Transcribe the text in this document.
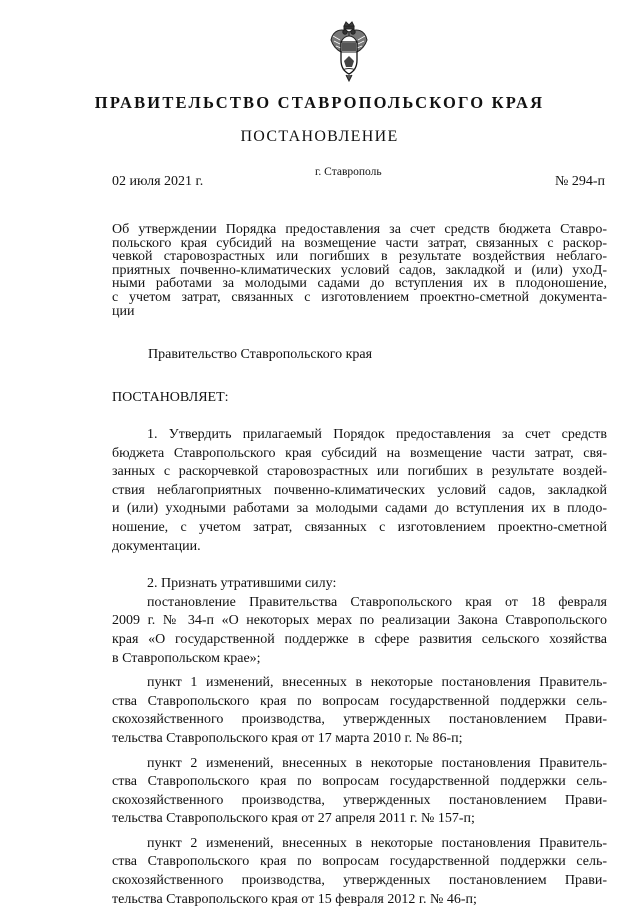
ПРАВИТЕЛЬСТВО СТАВРОПОЛЬСКОГО КРАЯ
ПОСТАНОВЛЕНИЕ
02 июля 2021 г.
г. Ставрополь
№ 294-п
Об утверждении Порядка предоставления за счет средств бюджета Ставро-
польского края субсидий на возмещение части затрат, связанных с раскор-
чевкой старовозрастных или погибших в результате воздействия неблаго-
приятных почвенно-климатических условий садов, закладкой и (или) ухоД-
ными работами за молодыми садами до вступления их в плодоношение,
с учетом затрат, связанных с изготовлением проектно-сметной документа-
ции
Правительство Ставропольского края
ПОСТАНОВЛЯЕТ:
1. Утвердить прилагаемый Порядок предоставления за счет средств
бюджета Ставропольского края субсидий на возмещение части затрат, свя-
занных с раскорчевкой старовозрастных или погибших в результате воздей-
ствия неблагоприятных почвенно-климатических условий садов, закладкой
и (или) уходными работами за молодыми садами до вступления их в плодо-
ношение, с учетом затрат, связанных с изготовлением проектно-сметной
документации.
2. Признать утратившими силу:
постановление Правительства Ставропольского края от 18 февраля
2009 г. № 34-п «О некоторых мерах по реализации Закона Ставропольского
края «О государственной поддержке в сфере развития сельского хозяйства
в Ставропольском крае»;
пункт 1 изменений, внесенных в некоторые постановления Правитель-
ства Ставропольского края по вопросам государственной поддержки сель-
скохозяйственного производства, утвержденных постановлением Прави-
тельства Ставропольского края от 17 марта 2010 г. № 86-п;
пункт 2 изменений, внесенных в некоторые постановления Правитель-
ства Ставропольского края по вопросам государственной поддержки сель-
скохозяйственного производства, утвержденных постановлением Прави-
тельства Ставропольского края от 27 апреля 2011 г. № 157-п;
пункт 2 изменений, внесенных в некоторые постановления Правитель-
ства Ставропольского края по вопросам государственной поддержки сель-
скохозяйственного производства, утвержденных постановлением Прави-
тельства Ставропольского края от 15 февраля 2012 г. № 46-п;
